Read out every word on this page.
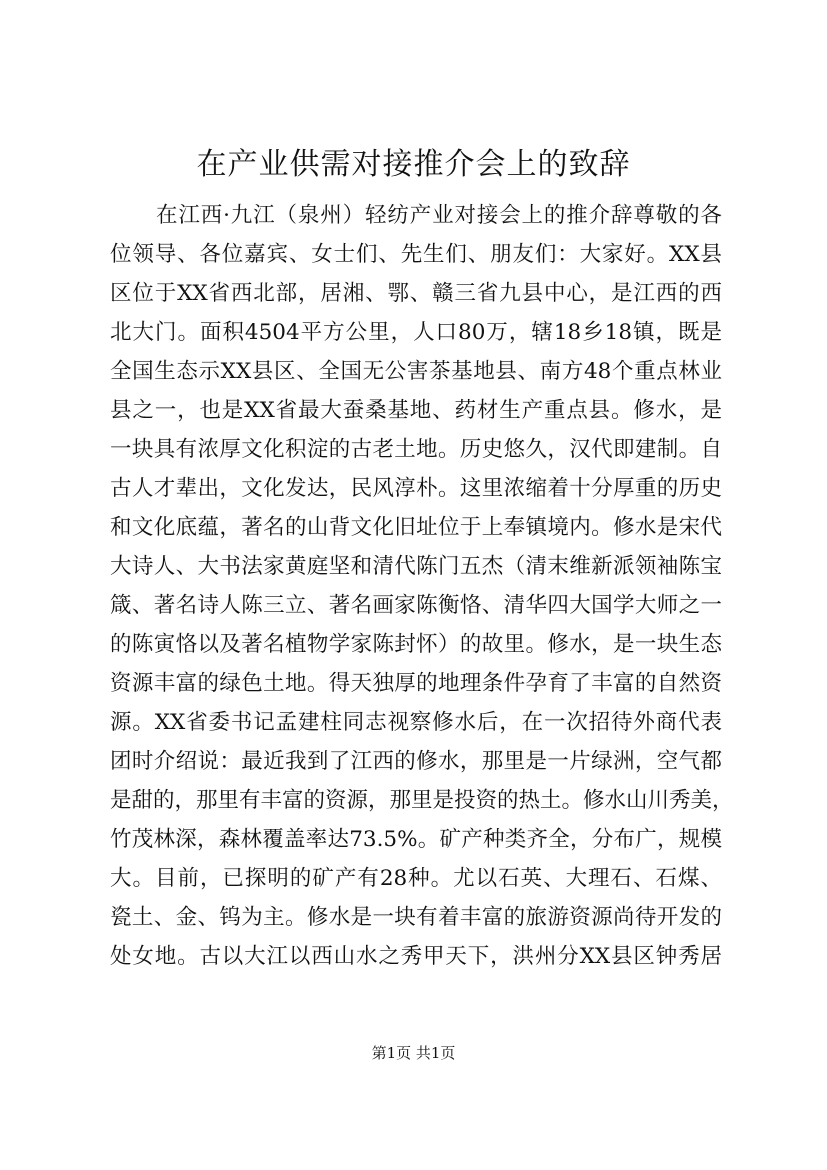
在产业供需对接推介会上的致辞
在江西·九江（泉州）轻纺产业对接会上的推介辞尊敬的各
位领导、各位嘉宾、女士们、先生们、朋友们：大家好。XX县
区位于XX省西北部，居湘、鄂、赣三省九县中心，是江西的西
北大门。面积4504平方公里，人口80万，辖18乡18镇，既是
全国生态示XX县区、全国无公害茶基地县、南方48个重点林业
县之一，也是XX省最大蚕桑基地、药材生产重点县。修水，是
一块具有浓厚文化积淀的古老土地。历史悠久，汉代即建制。自
古人才辈出，文化发达，民风淳朴。这里浓缩着十分厚重的历史
和文化底蕴，著名的山背文化旧址位于上奉镇境内。修水是宋代
大诗人、大书法家黄庭坚和清代陈门五杰（清末维新派领袖陈宝
箴、著名诗人陈三立、著名画家陈衡恪、清华四大国学大师之一
的陈寅恪以及著名植物学家陈封怀）的故里。修水，是一块生态
资源丰富的绿色土地。得天独厚的地理条件孕育了丰富的自然资
源。XX省委书记孟建柱同志视察修水后，在一次招待外商代表
团时介绍说：最近我到了江西的修水，那里是一片绿洲，空气都
是甜的，那里有丰富的资源，那里是投资的热土。修水山川秀美，
竹茂林深，森林覆盖率达73.5%。矿产种类齐全，分布广，规模
大。目前，已探明的矿产有28种。尤以石英、大理石、石煤、
瓷土、金、钨为主。修水是一块有着丰富的旅游资源尚待开发的
处女地。古以大江以西山水之秀甲天下，洪州分XX县区钟秀居
第1页 共1页
